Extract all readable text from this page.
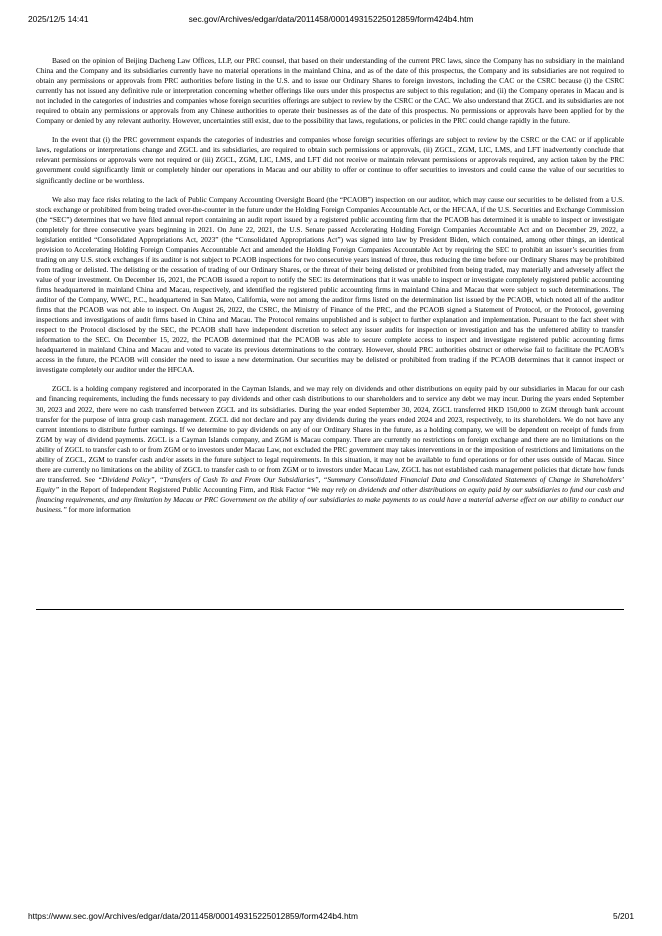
2025/12/5 14:41	sec.gov/Archives/edgar/data/2011458/000149315225012859/form424b4.htm

Based on the opinion of Beijing Dacheng Law Offices, LLP, our PRC counsel, that based on their understanding of the current PRC laws, since the Company has no subsidiary in the mainland China and the Company and its subsidiaries currently have no material operations in the mainland China, and as of the date of this prospectus, the Company and its subsidiaries are not required to obtain any permissions or approvals from PRC authorities before listing in the U.S. and to issue our Ordinary Shares to foreign investors, including the CAC or the CSRC because (i) the CSRC currently has not issued any definitive rule or interpretation concerning whether offerings like ours under this prospectus are subject to this regulation; and (ii) the Company operates in Macau and is not included in the categories of industries and companies whose foreign securities offerings are subject to review by the CSRC or the CAC. We also understand that ZGCL and its subsidiaries are not required to obtain any permissions or approvals from any Chinese authorities to operate their businesses as of the date of this prospectus. No permissions or approvals have been applied for by the Company or denied by any relevant authority. However, uncertainties still exist, due to the possibility that laws, regulations, or policies in the PRC could change rapidly in the future.

In the event that (i) the PRC government expands the categories of industries and companies whose foreign securities offerings are subject to review by the CSRC or the CAC or if applicable laws, regulations or interpretations change and ZGCL and its subsidiaries, are required to obtain such permissions or approvals, (ii) ZGCL, ZGM, LIC, LMS, and LFT inadvertently conclude that relevant permissions or approvals were not required or (iii) ZGCL, ZGM, LIC, LMS, and LFT did not receive or maintain relevant permissions or approvals required, any action taken by the PRC government could significantly limit or completely hinder our operations in Macau and our ability to offer or continue to offer securities to investors and could cause the value of our securities to significantly decline or be worthless.

We also may face risks relating to the lack of Public Company Accounting Oversight Board (the “PCAOB”) inspection on our auditor, which may cause our securities to be delisted from a U.S. stock exchange or prohibited from being traded over-the-counter in the future under the Holding Foreign Companies Accountable Act, or the HFCAA, if the U.S. Securities and Exchange Commission (the “SEC”) determines that we have filed annual report containing an audit report issued by a registered public accounting firm that the PCAOB has determined it is unable to inspect or investigate completely for three consecutive years beginning in 2021. On June 22, 2021, the U.S. Senate passed Accelerating Holding Foreign Companies Accountable Act and on December 29, 2022, a legislation entitled “Consolidated Appropriations Act, 2023” (the “Consolidated Appropriations Act”) was signed into law by President Biden, which contained, among other things, an identical provision to Accelerating Holding Foreign Companies Accountable Act and amended the Holding Foreign Companies Accountable Act by requiring the SEC to prohibit an issuer’s securities from trading on any U.S. stock exchanges if its auditor is not subject to PCAOB inspections for two consecutive years instead of three, thus reducing the time before our Ordinary Shares may be prohibited from trading or delisted. The delisting or the cessation of trading of our Ordinary Shares, or the threat of their being delisted or prohibited from being traded, may materially and adversely affect the value of your investment. On December 16, 2021, the PCAOB issued a report to notify the SEC its determinations that it was unable to inspect or investigate completely registered public accounting firms headquartered in mainland China and Macau, respectively, and identified the registered public accounting firms in mainland China and Macau that were subject to such determinations. The auditor of the Company, WWC, P.C., headquartered in San Mateo, California, were not among the auditor firms listed on the determination list issued by the PCAOB, which noted all of the auditor firms that the PCAOB was not able to inspect. On August 26, 2022, the CSRC, the Ministry of Finance of the PRC, and the PCAOB signed a Statement of Protocol, or the Protocol, governing inspections and investigations of audit firms based in China and Macau. The Protocol remains unpublished and is subject to further explanation and implementation. Pursuant to the fact sheet with respect to the Protocol disclosed by the SEC, the PCAOB shall have independent discretion to select any issuer audits for inspection or investigation and has the unfettered ability to transfer information to the SEC. On December 15, 2022, the PCAOB determined that the PCAOB was able to secure complete access to inspect and investigate registered public accounting firms headquartered in mainland China and Macau and voted to vacate its previous determinations to the contrary. However, should PRC authorities obstruct or otherwise fail to facilitate the PCAOB’s access in the future, the PCAOB will consider the need to issue a new determination. Our securities may be delisted or prohibited from trading if the PCAOB determines that it cannot inspect or investigate completely our auditor under the HFCAA.

ZGCL is a holding company registered and incorporated in the Cayman Islands, and we may rely on dividends and other distributions on equity paid by our subsidiaries in Macau for our cash and financing requirements, including the funds necessary to pay dividends and other cash distributions to our shareholders and to service any debt we may incur. During the years ended September 30, 2023 and 2022, there were no cash transferred between ZGCL and its subsidiaries. During the year ended September 30, 2024, ZGCL transferred HKD 150,000 to ZGM through bank account transfer for the purpose of intra group cash management. ZGCL did not declare and pay any dividends during the years ended 2024 and 2023, respectively, to its shareholders. We do not have any current intentions to distribute further earnings. If we determine to pay dividends on any of our Ordinary Shares in the future, as a holding company, we will be dependent on receipt of funds from ZGM by way of dividend payments. ZGCL is a Cayman Islands company, and ZGM is Macau company. There are currently no restrictions on foreign exchange and there are no limitations on the ability of ZGCL to transfer cash to or from ZGM or to investors under Macau Law, not excluded the PRC government may takes interventions in or the imposition of restrictions and limitations on the ability of ZGCL, ZGM to transfer cash and/or assets in the future subject to legal requirements. In this situation, it may not be available to fund operations or for other uses outside of Macau. Since there are currently no limitations on the ability of ZGCL to transfer cash to or from ZGM or to investors under Macau Law, ZGCL has not established cash management policies that dictate how funds are transferred. See “Dividend Policy”, “Transfers of Cash To and From Our Subsidiaries”, “Summary Consolidated Financial Data and Consolidated Statements of Change in Shareholders’ Equity” in the Report of Independent Registered Public Accounting Firm, and Risk Factor “We may rely on dividends and other distributions on equity paid by our subsidiaries to fund our cash and financing requirements, and any limitation by Macau or PRC Government on the ability of our subsidiaries to make payments to us could have a material adverse effect on our ability to conduct our business.” for more information

https://www.sec.gov/Archives/edgar/data/2011458/000149315225012859/form424b4.htm	5/201
